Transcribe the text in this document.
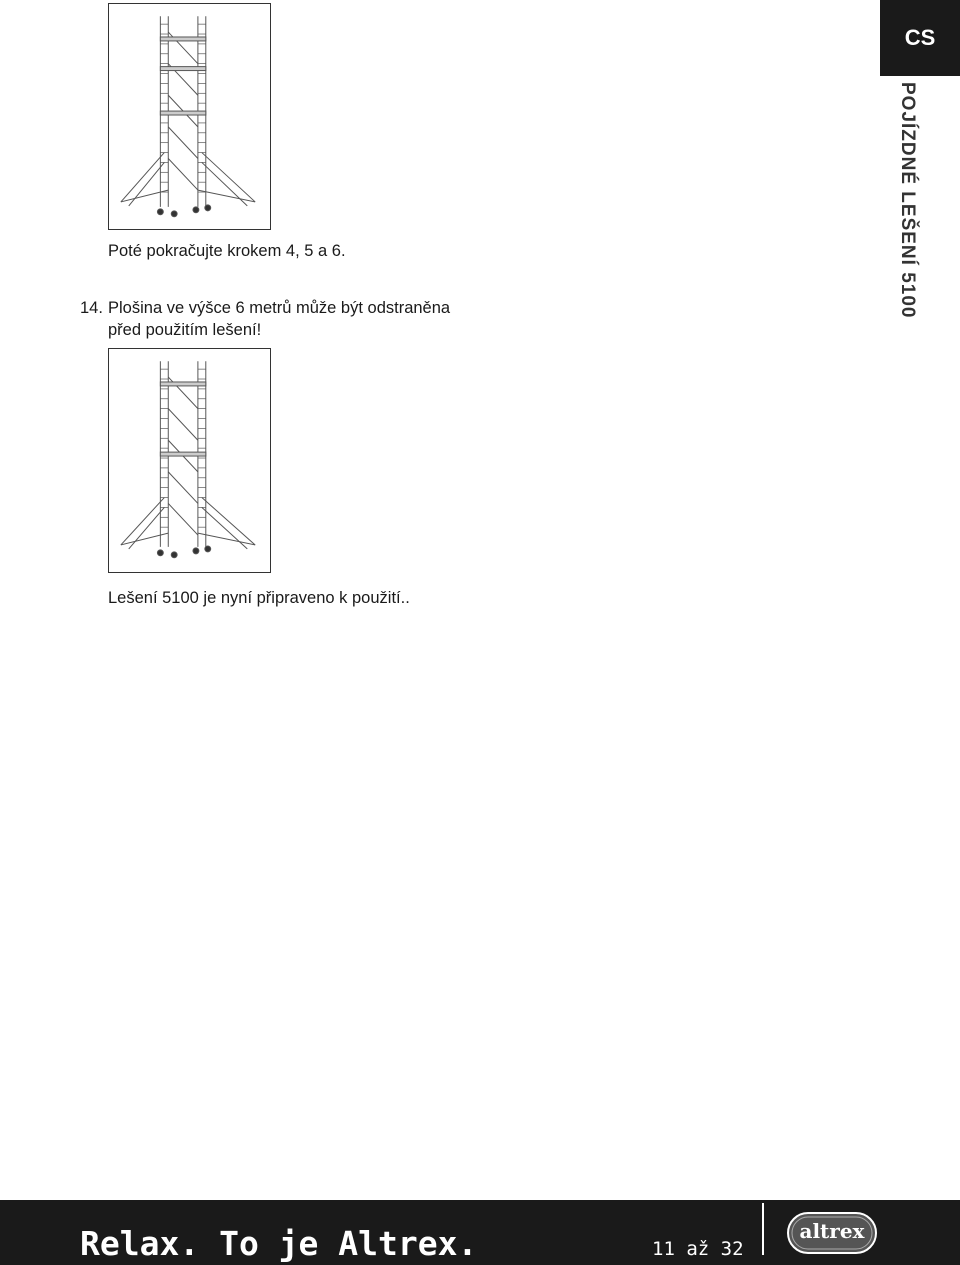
CS
POJÍZDNÉ LEŠENÍ 5100
Poté pokračujte krokem 4, 5 a 6.
14. Plošina ve výšce 6 metrů může být odstraněna
před použitím lešení!
Lešení 5100 je nyní připraveno k použití..
Relax. To je Altrex.	11 až 32
altrex
